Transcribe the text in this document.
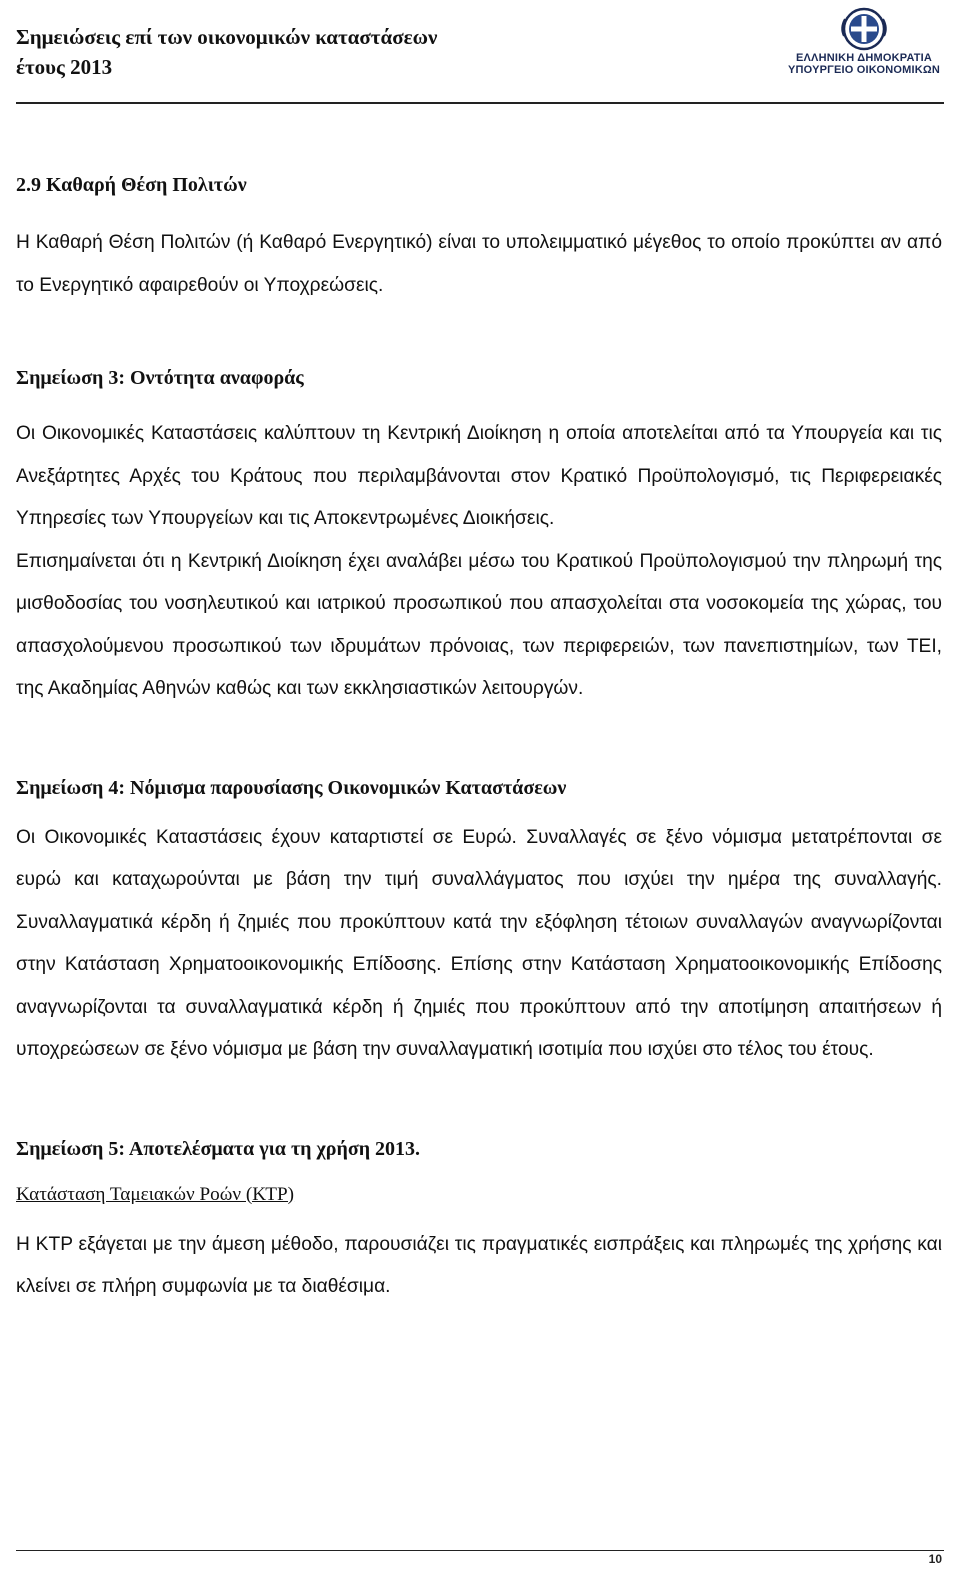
Σημειώσεις επί των οικονομικών καταστάσεων
έτους 2013	ΕΛΛΗΝΙΚΗ ΔΗΜΟΚΡΑΤΙΑ
ΥΠΟΥΡΓΕΙΟ ΟΙΚΟΝΟΜΙΚΩΝ

2.9 Καθαρή Θέση Πολιτών

Η Καθαρή Θέση Πολιτών (ή Καθαρό Ενεργητικό) είναι το υπολειμματικό μέγεθος το οποίο προκύπτει αν από το Ενεργητικό αφαιρεθούν οι Υποχρεώσεις.

Σημείωση 3: Οντότητα αναφοράς

Οι Οικονομικές Καταστάσεις καλύπτουν τη Κεντρική Διοίκηση η οποία αποτελείται από τα Υπουργεία και τις Ανεξάρτητες Αρχές του Κράτους που περιλαμβάνονται στον Κρατικό Προϋπολογισμό, τις Περιφερειακές Υπηρεσίες των Υπουργείων και τις Αποκεντρωμένες Διοικήσεις.

Επισημαίνεται ότι η Κεντρική Διοίκηση έχει αναλάβει μέσω του Κρατικού Προϋπολογισμού την πληρωμή της μισθοδοσίας του νοσηλευτικού και ιατρικού προσωπικού που απασχολείται στα νοσοκομεία της χώρας, του απασχολούμενου προσωπικού των ιδρυμάτων πρόνοιας, των περιφερειών, των πανεπιστημίων, των ΤΕΙ, της Ακαδημίας Αθηνών καθώς και των εκκλησιαστικών λειτουργών.

Σημείωση 4: Νόμισμα παρουσίασης Οικονομικών Καταστάσεων

Οι Οικονομικές Καταστάσεις έχουν καταρτιστεί σε Ευρώ. Συναλλαγές σε ξένο νόμισμα μετατρέπονται σε ευρώ και καταχωρούνται με βάση την τιμή συναλλάγματος που ισχύει την ημέρα της συναλλαγής. Συναλλαγματικά κέρδη ή ζημιές που προκύπτουν κατά την εξόφληση τέτοιων συναλλαγών αναγνωρίζονται στην Κατάσταση Χρηματοοικονομικής Επίδοσης. Επίσης στην Κατάσταση Χρηματοοικονομικής Επίδοσης αναγνωρίζονται τα συναλλαγματικά κέρδη ή ζημιές που προκύπτουν από την αποτίμηση απαιτήσεων ή υποχρεώσεων σε ξένο νόμισμα με βάση την συναλλαγματική ισοτιμία που ισχύει στο τέλος του έτους.

Σημείωση 5: Αποτελέσματα για τη χρήση 2013.

Κατάσταση Ταμειακών Ροών (ΚΤΡ)

Η ΚΤΡ εξάγεται με την άμεση μέθοδο, παρουσιάζει τις πραγματικές εισπράξεις και πληρωμές της χρήσης και κλείνει σε πλήρη συμφωνία με τα διαθέσιμα.

10
